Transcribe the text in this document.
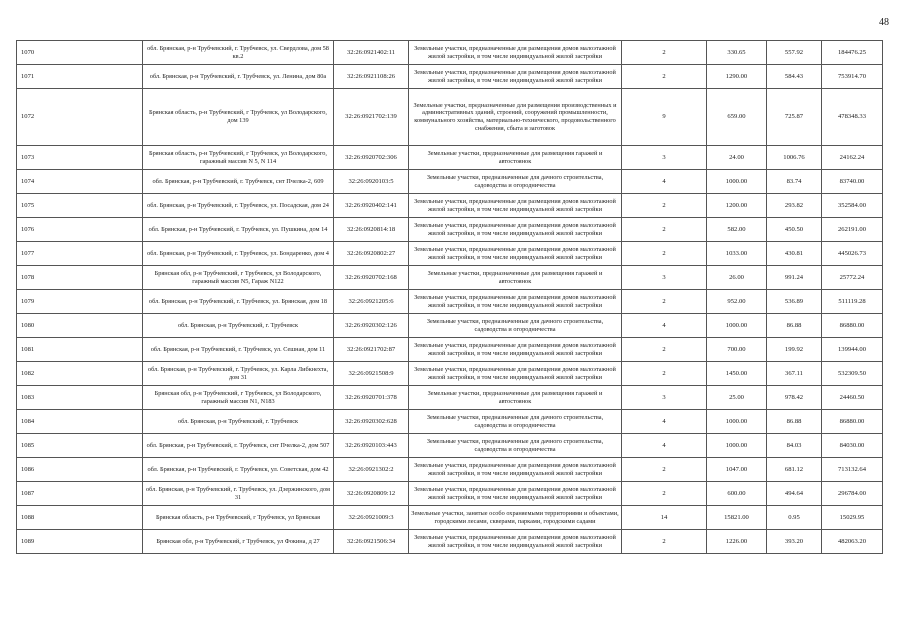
48
1070	обл. Брянская, р-н Трубчевский, г. Трубчевск, ул. Свердлова, дом 58 кв.2	32:26:0921402:11	Земельные участки, предназначенные для размещения домов малоэтажной жилой застройки, в том числе индивидуальной жилой застройки	2	330.65	557.92	184476.25
1071	обл. Брянская, р-н Трубчевский, г. Трубчевск, ул. Ленина, дом 80а	32:26:0921108:26	Земельные участки, предназначенные для размещения домов малоэтажной жилой застройки, в том числе индивидуальной жилой застройки	2	1290.00	584.43	753914.70
1072	Брянская область, р-н Трубчевский, г Трубчевск, ул Володарского, дом 139	32:26:0921702:139	Земельные участки, предназначенные для размещения производственных и административных зданий, строений, сооружений промышленности, коммунального хозяйства, материально-технического, продовольственного снабжения, сбыта и заготовок	9	659.00	725.87	478348.33
1073	Брянская область, р-н Трубчевский, г Трубчевск, ул Володарского, гаражный массив N 5, N 114	32:26:0920702:306	Земельные участки, предназначенные для размещения гаражей и автостоянок	3	24.00	1006.76	24162.24
1074	обл. Брянская, р-н Трубчевский, г. Трубчевск, снт Пчелка-2, 609	32:26:0920103:5	Земельные участки, предназначенные для дачного строительства, садоводства и огородничества	4	1000.00	83.74	83740.00
1075	обл. Брянская, р-н Трубчевский, г. Трубчевск, ул. Посадская, дом 24	32:26:0920402:141	Земельные участки, предназначенные для размещения домов малоэтажной жилой застройки, в том числе индивидуальной жилой застройки	2	1200.00	293.82	352584.00
1076	обл. Брянская, р-н Трубчевский, г. Трубчевск, ул. Пушкина, дом 14	32:26:0920814:18	Земельные участки, предназначенные для размещения домов малоэтажной жилой застройки, в том числе индивидуальной жилой застройки	2	582.00	450.50	262191.00
1077	обл. Брянская, р-н Трубчевский, г. Трубчевск, ул. Бондаренко, дом 4	32:26:0920802:27	Земельные участки, предназначенные для размещения домов малоэтажной жилой застройки, в том числе индивидуальной жилой застройки	2	1033.00	430.81	445026.73
1078	Брянская обл, р-н Трубчевский, г Трубчевск, ул Володарского, гаражный массив N5, Гараж N122	32:26:0920702:168	Земельные участки, предназначенные для размещения гаражей и автостоянок	3	26.00	991.24	25772.24
1079	обл. Брянская, р-н Трубчевский, г. Трубчевск, ул. Брянская, дом 18	32:26:0921205:6	Земельные участки, предназначенные для размещения домов малоэтажной жилой застройки, в том числе индивидуальной жилой застройки	2	952.00	536.89	511119.28
1080	обл. Брянская, р-н Трубчевский, г. Трубчевск	32:26:0920302:126	Земельные участки, предназначенные для дачного строительства, садоводства и огородничества	4	1000.00	86.88	86880.00
1081	обл. Брянская, р-н Трубчевский, г. Трубчевск, ул. Сешная, дом 11	32:26:0921702:87	Земельные участки, предназначенные для размещения домов малоэтажной жилой застройки, в том числе индивидуальной жилой застройки	2	700.00	199.92	139944.00
1082	обл. Брянская, р-н Трубчевский, г. Трубчевск, ул. Карла Либкнехта, дом 31	32:26:0921508:9	Земельные участки, предназначенные для размещения домов малоэтажной жилой застройки, в том числе индивидуальной жилой застройки	2	1450.00	367.11	532309.50
1083	Брянская обл, р-н Трубчевский, г Трубчевск, ул Володарского, гаражный массив N1, N183	32:26:0920701:378	Земельные участки, предназначенные для размещения гаражей и автостоянок	3	25.00	978.42	24460.50
1084	обл. Брянская, р-н Трубчевский, г. Трубчевск	32:26:0920302:628	Земельные участки, предназначенные для дачного строительства, садоводства и огородничества	4	1000.00	86.88	86880.00
1085	обл. Брянская, р-н Трубчевский, г. Трубчевск, снт Пчелка-2, дом 507	32:26:0920103:443	Земельные участки, предназначенные для дачного строительства, садоводства и огородничества	4	1000.00	84.03	84030.00
1086	обл. Брянская, р-н Трубчевский, г. Трубчевск, ул. Советская, дом 42	32:26:0921302:2	Земельные участки, предназначенные для размещения домов малоэтажной жилой застройки, в том числе индивидуальной жилой застройки	2	1047.00	681.12	713132.64
1087	обл. Брянская, р-н Трубчевский, г. Трубчевск, ул. Дзержинского, дом 31	32:26:0920809:12	Земельные участки, предназначенные для размещения домов малоэтажной жилой застройки, в том числе индивидуальной жилой застройки	2	600.00	494.64	296784.00
1088	Брянская область, р-н Трубчевский, г Трубчевск, ул Брянская	32:26:0921009:3	Земельные участки, занятые особо охраняемыми территориями и объектами, городскими лесами, скверами, парками, городскими садами	14	15821.00	0.95	15029.95
1089	Брянская обл, р-н Трубчевский, г Трубчевск, ул Фокина, д 27	32:26:0921506:34	Земельные участки, предназначенные для размещения домов малоэтажной жилой застройки, в том числе индивидуальной жилой застройки	2	1226.00	393.20	482063.20
